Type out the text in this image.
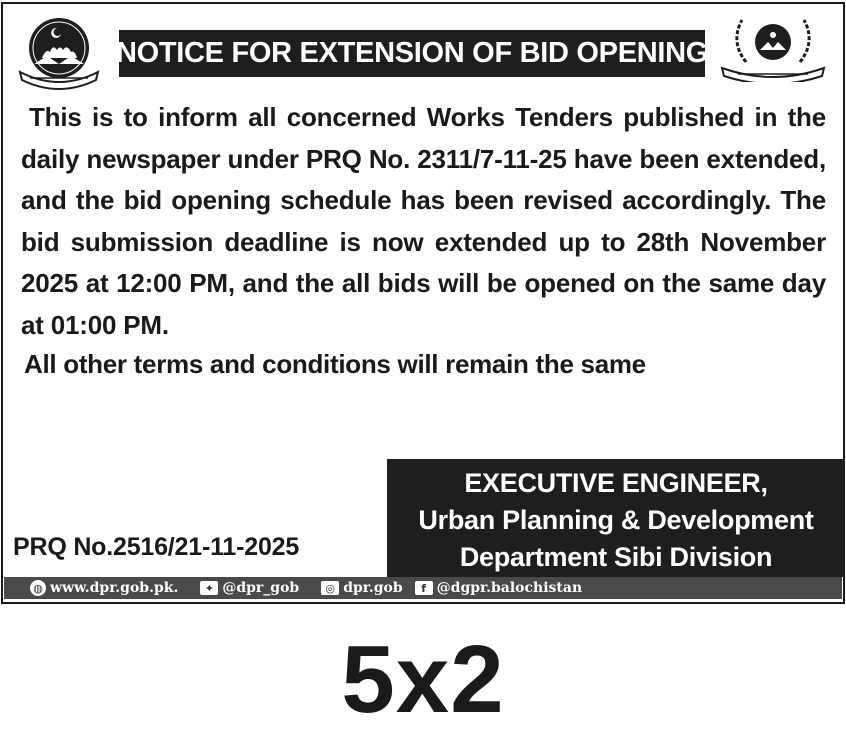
NOTICE FOR EXTENSION OF BID OPENING
This is to inform all concerned Works Tenders published in the daily newspaper under PRQ No. 2311/7-11-25 have been extended, and the bid opening schedule has been revised accordingly. The bid submission deadline is now extended up to 28th November 2025 at 12:00 PM, and the all bids will be opened on the same day at 01:00 PM.
All other terms and conditions will remain the same
EXECUTIVE ENGINEER,
Urban Planning & Development
Department Sibi Division
PRQ No.2516/21-11-2025
◍ www.dpr.gob.pk.	✦ @dpr_gob	◎ dpr.gob	f @dgpr.balochistan
5x2
